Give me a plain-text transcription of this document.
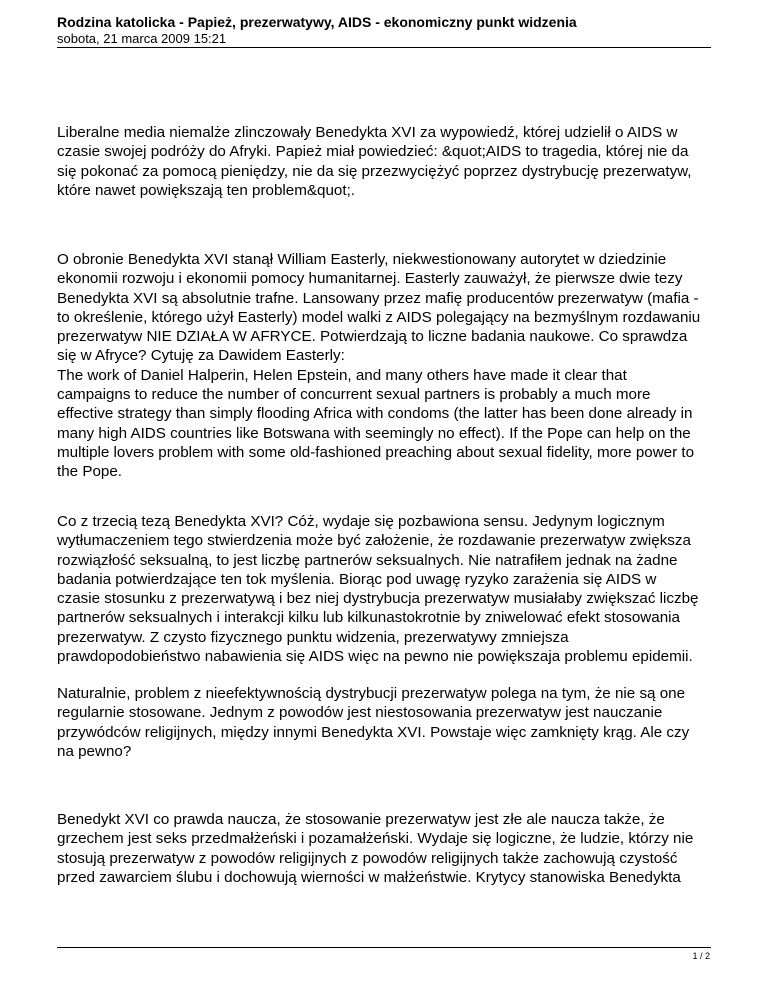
Rodzina katolicka - Papież, prezerwatywy, AIDS - ekonomiczny punkt widzenia

sobota, 21 marca 2009 15:21

Liberalne media niemalże zlinczowały Benedykta XVI za wypowiedź, której udzielił o AIDS w
czasie swojej podróży do Afryki. Papież miał powiedzieć: &quot;AIDS to tragedia, której nie da
się pokonać za pomocą pieniędzy, nie da się przezwyciężyć poprzez dystrybucję prezerwatyw,
które nawet powiększają ten problem&quot;.

O obronie Benedykta XVI stanął William Easterly, niekwestionowany autorytet w dziedzinie
ekonomii rozwoju i ekonomii pomocy humanitarnej. Easterly zauważył, że pierwsze dwie tezy
Benedykta XVI są absolutnie trafne. Lansowany przez mafię producentów prezerwatyw (mafia -
to określenie, którego użył Easterly) model walki z AIDS polegający na bezmyślnym rozdawaniu
prezerwatyw NIE DZIAŁA W AFRYCE. Potwierdzają to liczne badania naukowe. Co sprawdza
się w Afryce? Cytuję za Dawidem Easterly:
The work of Daniel Halperin, Helen Epstein, and many others have made it clear that
campaigns to reduce the number of concurrent sexual partners is probably a much more
effective strategy than simply flooding Africa with condoms (the latter has been done already in
many high AIDS countries like Botswana with seemingly no effect). If the Pope can help on the
multiple lovers problem with some old-fashioned preaching about sexual fidelity, more power to
the Pope.

Co z trzecią tezą Benedykta XVI? Cóż, wydaje się pozbawiona sensu. Jedynym logicznym
wytłumaczeniem tego stwierdzenia może być założenie, że rozdawanie prezerwatyw zwiększa
rozwiązłość seksualną, to jest liczbę partnerów seksualnych. Nie natrafiłem jednak na żadne
badania potwierdzające ten tok myślenia. Biorąc pod uwagę ryzyko zarażenia się AIDS w
czasie stosunku z prezerwatywą i bez niej dystrybucja prezerwatyw musiałaby zwiększać liczbę
partnerów seksualnych i interakcji kilku lub kilkunastokrotnie by zniwelować efekt stosowania
prezerwatyw. Z czysto fizycznego punktu widzenia, prezerwatywy zmniejsza
prawdopodobieństwo nabawienia się AIDS więc na pewno nie powiększaja problemu epidemii.

Naturalnie, problem z nieefektywnością dystrybucji prezerwatyw polega na tym, że nie są one
regularnie stosowane. Jednym z powodów jest niestosowania prezerwatyw jest nauczanie
przywódców religijnych, między innymi Benedykta XVI. Powstaje więc zamknięty krąg. Ale czy
na pewno?

Benedykt XVI co prawda naucza, że stosowanie prezerwatyw jest złe ale naucza także, że
grzechem jest seks przedmałżeński i pozamałżeński. Wydaje się logiczne, że ludzie, którzy nie
stosują prezerwatyw z powodów religijnych z powodów religijnych także zachowują czystość
przed zawarciem ślubu i dochowują wierności w małżeństwie. Krytycy stanowiska Benedykta

1 / 2
